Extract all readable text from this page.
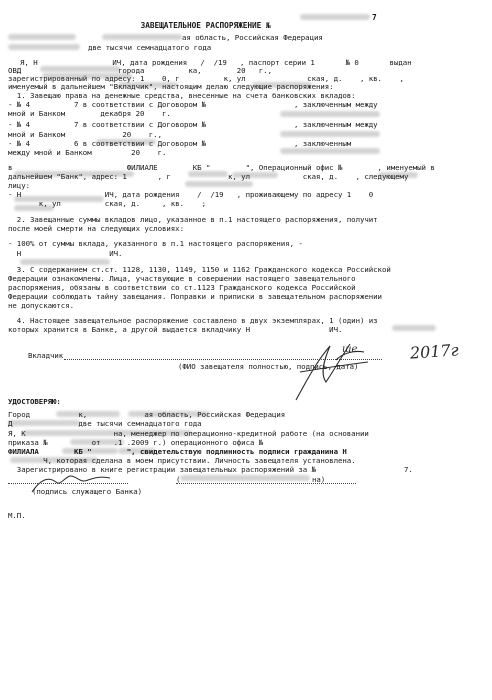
ЗАВЕЩАТЕЛЬНОЕ РАСПОРЯЖЕНИЕ №

7
ая область, Российская Федерация
две тысячи семнадцатого года
Я, Н                 ИЧ, дата рождения   /  /19   , паспорт серии 1       № 0       выдан
ОВД                      города          ка,        20   г.,
зарегистрированный по адресу: 1    0, г          к, ул              ская, д.    , кв.    ,
именуемый в дальнейшем "Вкладчик", настоящим делаю следующие распоряжения:
1. Завещаю права на денежные средства, внесенные на счета банковских вкладов:
- № 4          7 в соответствии с Договором №                    , заключенным между
мной и Банком        декабря 20    г.
- № 4          7 в соответствии с Договором №                    , заключенным между
мной и Банком             20    г.,
- № 4          6 в соответствии с Договором №                    , заключенным
между мной и Банком         20    г.
в                          ФИЛИАЛЕ        КБ "        ", Операционный офис №        , именуемый в
дальнейшем "Банк", адрес: 1       , г             к, ул            ская, д.    , следующему
лицу:
- Н                   ИЧ, дата рождения    /  /19   , проживающему по адресу 1    0
к, ул          ская, д.     , кв.    ;
2. Завещанные суммы вкладов лицо, указанное в п.1 настоящего распоряжения, получит
после моей смерти на следующих условиях:
- 100% от суммы вклада, указанного в п.1 настоящего распоряжения, -
Н                    ИЧ.
3. С содержанием ст.ст. 1128, 1130, 1149, 1150 и 1162 Гражданского кодекса Российской
Федерации ознакомлены. Лица, участвующие в совершении настоящего завещательного
распоряжения, обязаны в соответствии со ст.1123 Гражданского кодекса Российской
Федерации соблюдать тайну завещания. Поправки и приписки в завещательном распоряжении
не допускаются.
4. Настоящее завещательное распоряжение составлено в двух экземплярах, 1 (один) из
которых хранится в Банке, а другой выдается вкладчику Н                  ИЧ.
Вкладчик
(ФИО завещателя полностью, подпись, дата)
ше	2017г
УДОСТОВЕРЯЮ:
Город           к,             ая область, Российская Федерация
Д               две тысячи семнадцатого года
Я, К                    на, менеджер по операционно-кредитной работе (на основании
приказа №          от   .1 .2009 г.) операционного офиса №
ФИЛИАЛА        КБ "        ", свидетельствую подлинность подписи гражданина Н
Ч, которая сделана в моем присутствии. Личность завещателя установлена.
Зарегистрировано в книге регистрации завещательных распоряжений за №                    7.
(	на)
(подпись служащего Банка)
М.П.
